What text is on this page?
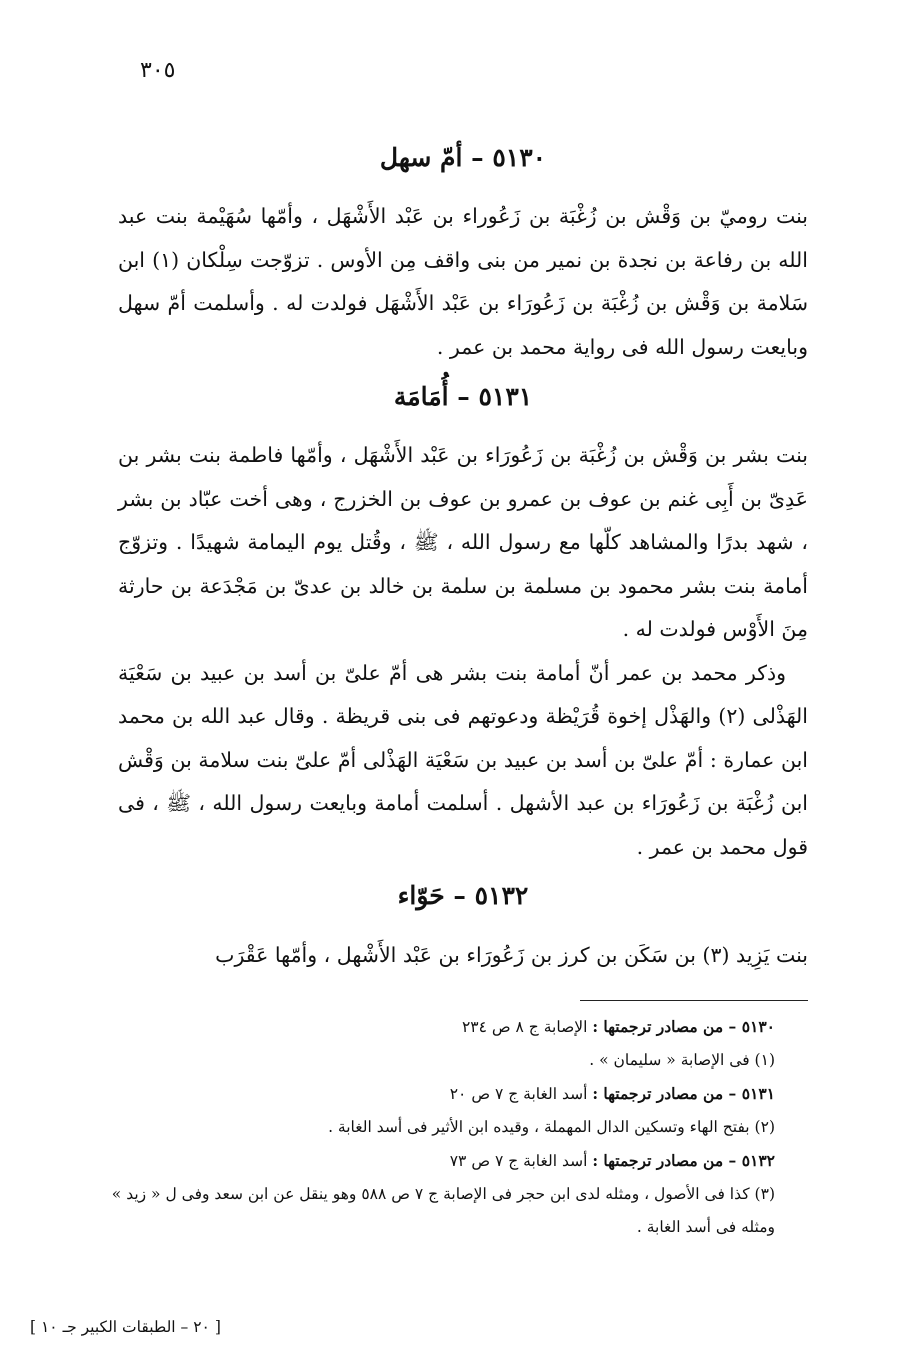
٣٠٥
٥١٣٠ – أمّ سهل

بنت روميّ بن وَقْش بن زُغْبَة بن زَعُوراء بن عَبْد الأَشْهَل ، وأمّها سُهَيْمة بنت عبد الله بن رفاعة بن نجدة بن نمير من بنى واقف مِن الأوس . تزوّجت سِلْكان (١) ابن سَلامة بن وَقْش بن زُغْبَة بن زَعُورَاء بن عَبْد الأَشْهَل فولدت له . وأسلمت أمّ سهل وبايعت رسول الله فى رواية محمد بن عمر .

٥١٣١ – أُمَامَة

بنت بشر بن وَقْش بن زُغْبَة بن زَعُورَاء بن عَبْد الأَشْهَل ، وأمّها فاطمة بنت بشر بن عَدِىّ بن أَبِى غنم بن عوف بن عمرو بن عوف بن الخزرج ، وهى أخت عبّاد بن بشر ، شهد بدرًا والمشاهد كلّها مع رسول الله ، ﷺ ، وقُتل يوم اليمامة شهيدًا . وتزوّج أمامة بنت بشر محمود بن مسلمة بن سلمة بن خالد بن عدىّ بن مَجْدَعة بن حارثة مِنَ الأَوْس فولدت له .

وذكر محمد بن عمر أنّ أمامة بنت بشر هى أمّ علىّ بن أسد بن عبيد بن سَعْيَة الهَذْلى (٢) والهَذْل إخوة قُرَيْظة ودعوتهم فى بنى قريظة . وقال عبد الله بن محمد ابن عمارة : أمّ علىّ بن أسد بن عبيد بن سَعْيَة الهَذْلى أمّ علىّ بنت سلامة بن وَقْش ابن زُغْبَة بن زَعُورَاء بن عبد الأشهل . أسلمت أمامة وبايعت رسول الله ، ﷺ ، فى قول محمد بن عمر .

٥١٣٢ – حَوّاء

بنت يَزِيد (٣) بن سَكَن بن كرز بن زَعُورَاء بن عَبْد الأَشْهل ، وأمّها عَقْرَب

٥١٣٠ – من مصادر ترجمتها : الإصابة ج ٨ ص ٢٣٤

(١) فى الإصابة « سليمان » .

٥١٣١ – من مصادر ترجمتها : أسد الغابة ج ٧ ص ٢٠

(٢) بفتح الهاء وتسكين الدال المهملة ، وقيده ابن الأثير فى أسد الغابة .

٥١٣٢ – من مصادر ترجمتها : أسد الغابة ج ٧ ص ٧٣

(٣) كذا فى الأصول ، ومثله لدى ابن حجر فى الإصابة ج ٧ ص ٥٨٨ وهو ينقل عن ابن سعد وفى ل « زيد » ومثله فى أسد الغابة .

[ ٢٠ – الطبقات الكبير جـ ١٠ ]
